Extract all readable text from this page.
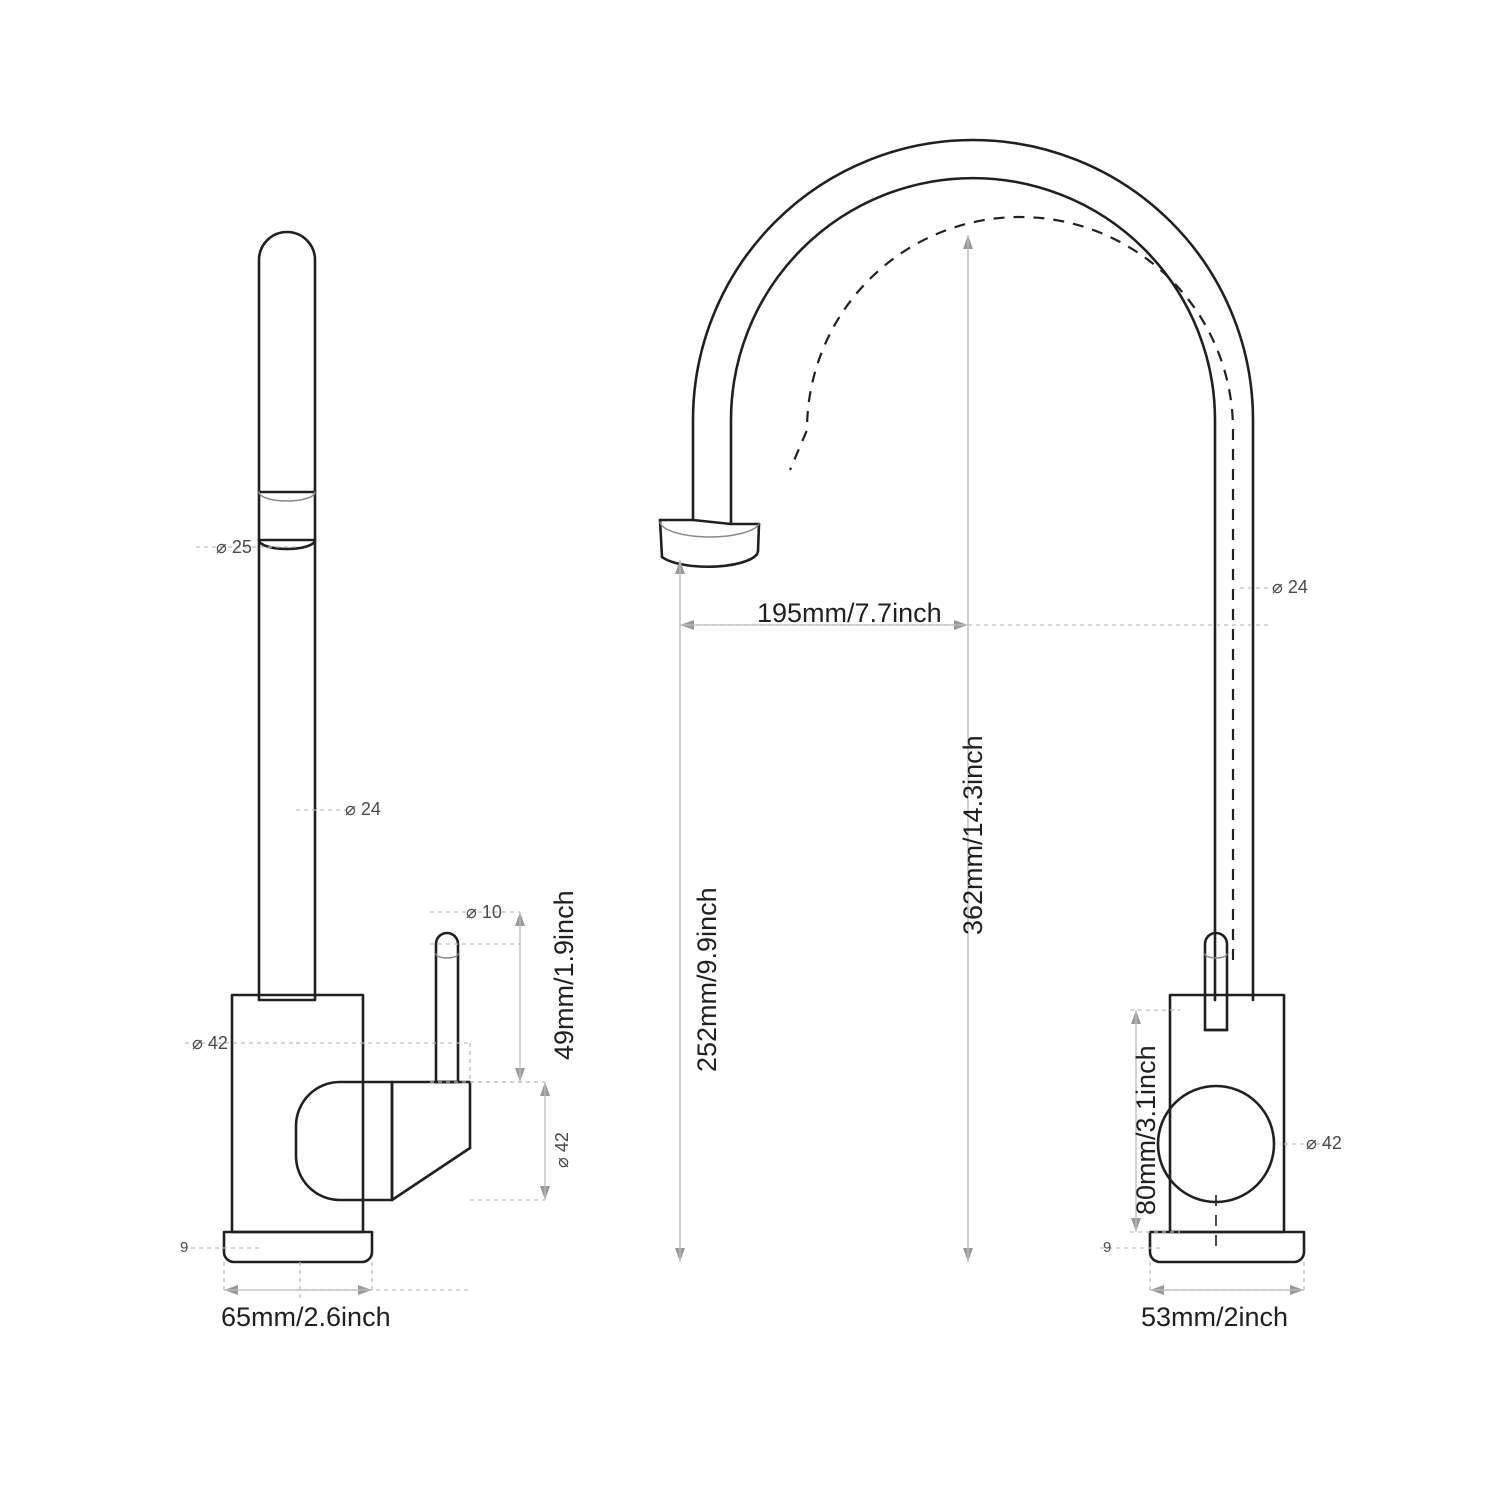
⌀ 25
⌀ 24
⌀ 42
⌀ 10
9
49mm/1.9inch
⌀ 42
65mm/2.6inch
195mm/7.7inch
362mm/14.3inch
252mm/9.9inch
⌀ 24
⌀ 42
80mm/3.1inch
9
53mm/2inch
